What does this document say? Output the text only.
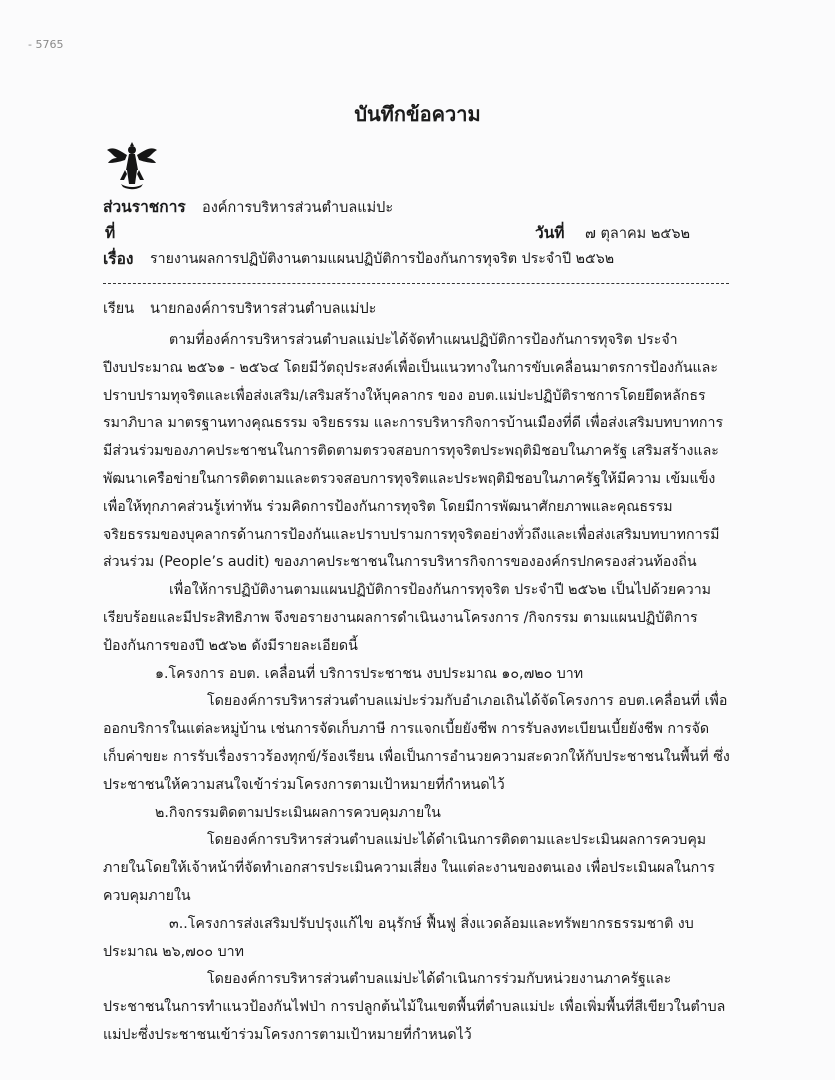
- 5765
บันทึกข้อความ
ส่วนราชการ องค์การบริหารส่วนตำบลแม่ปะ
ที่	วันที่ ๗ ตุลาคม ๒๕๖๒
เรื่อง รายงานผลการปฏิบัติงานตามแผนปฏิบัติการป้องกันการทุจริต ประจำปี ๒๕๖๒
เรียน นายกองค์การบริหารส่วนตำบลแม่ปะ

ตามที่องค์การบริหารส่วนตำบลแม่ปะได้จัดทำแผนปฏิบัติการป้องกันการทุจริต ประจำปีงบประมาณ ๒๕๖๑ - ๒๕๖๔ โดยมีวัตถุประสงค์เพื่อเป็นแนวทางในการขับเคลื่อนมาตรการป้องกันและปราบปรามทุจริตและเพื่อส่งเสริม/เสริมสร้างให้บุคลากร ของ อบต.แม่ปะปฏิบัติราชการโดยยึดหลักธรรมาภิบาล มาตรฐานทางคุณธรรม จริยธรรม และการบริหารกิจการบ้านเมืองที่ดี เพื่อส่งเสริมบทบาทการมีส่วนร่วมของภาคประชาชนในการติดตามตรวจสอบการทุจริตประพฤติมิชอบในภาครัฐ เสริมสร้างและพัฒนาเครือข่ายในการติดตามและตรวจสอบการทุจริตและประพฤติมิชอบในภาครัฐให้มีความ เข้มแข็ง เพื่อให้ทุกภาคส่วนรู้เท่าทัน ร่วมคิดการป้องกันการทุจริต โดยมีการพัฒนาศักยภาพและคุณธรรม จริยธรรมของบุคลากรด้านการป้องกันและปราบปรามการทุจริตอย่างทั่วถึงและเพื่อส่งเสริมบทบาทการมีส่วนร่วม (People’s audit) ของภาคประชาชนในการบริหารกิจการขององค์กรปกครองส่วนท้องถิ่น

เพื่อให้การปฏิบัติงานตามแผนปฏิบัติการป้องกันการทุจริต ประจำปี ๒๕๖๒ เป็นไปด้วยความเรียบร้อยและมีประสิทธิภาพ จึงขอรายงานผลการดำเนินงานโครงการ /กิจกรรม ตามแผนปฏิบัติการป้องกันการของปี ๒๕๖๒ ดังมีรายละเอียดนี้

๑.โครงการ อบต. เคลื่อนที่ บริการประชาชน งบประมาณ ๑๐,๗๒๐ บาท

โดยองค์การบริหารส่วนตำบลแม่ปะร่วมกับอำเภอเถินได้จัดโครงการ อบต.เคลื่อนที่ เพื่อออกบริการในแต่ละหมู่บ้าน เช่นการจัดเก็บภาษี การแจกเบี้ยยังชีพ การรับลงทะเบียนเบี้ยยังชีพ การจัดเก็บค่าขยะ การรับเรื่องราวร้องทุกข์/ร้องเรียน เพื่อเป็นการอำนวยความสะดวกให้กับประชาชนในพื้นที่ ซึ่งประชาชนให้ความสนใจเข้าร่วมโครงการตามเป้าหมายที่กำหนดไว้

๒.กิจกรรมติดตามประเมินผลการควบคุมภายใน

โดยองค์การบริหารส่วนตำบลแม่ปะได้ดำเนินการติดตามและประเมินผลการควบคุมภายในโดยให้เจ้าหน้าที่จัดทำเอกสารประเมินความเสี่ยง ในแต่ละงานของตนเอง เพื่อประเมินผลในการควบคุมภายใน

๓..โครงการส่งเสริมปรับปรุงแก้ไข อนุรักษ์ ฟื้นฟู สิ่งแวดล้อมและทรัพยากรธรรมชาติ งบประมาณ ๒๖,๗๐๐ บาท

โดยองค์การบริหารส่วนตำบลแม่ปะได้ดำเนินการร่วมกับหน่วยงานภาครัฐและประชาชนในการทำแนวป้องกันไฟป่า การปลูกต้นไม้ในเขตพื้นที่ตำบลแม่ปะ เพื่อเพิ่มพื้นที่สีเขียวในตำบลแม่ปะซึ่งประชาชนเข้าร่วมโครงการตามเป้าหมายที่กำหนดไว้
